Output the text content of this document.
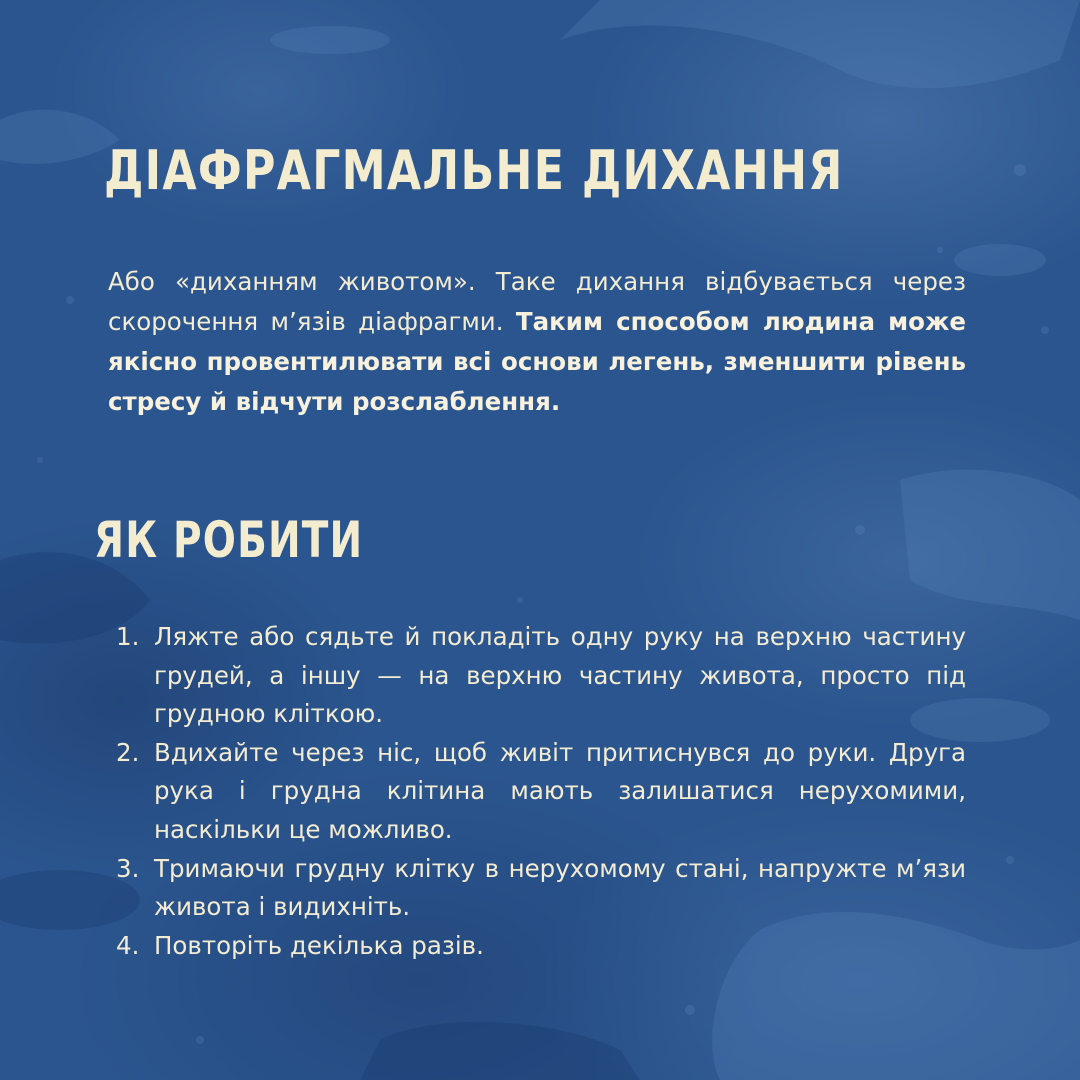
ДІАФРАГМАЛЬНЕ ДИХАННЯ

Або «диханням животом». Таке дихання відбувається через скорочення м’язів діафрагми. Таким способом людина може якісно провентилювати всі основи легень, зменшити рівень стресу й відчути розслаблення.

ЯК РОБИТИ
1. Ляжте або сядьте й покладіть одну руку на верхню частину грудей, а іншу — на верхню частину живота, просто під грудною кліткою.
2. Вдихайте через ніс, щоб живіт притиснувся до руки. Друга рука і грудна клітина мають залишатися нерухомими, наскільки це можливо.
3. Тримаючи грудну клітку в нерухомому стані, напружте м’язи живота і видихніть.
4. Повторіть декілька разів.
